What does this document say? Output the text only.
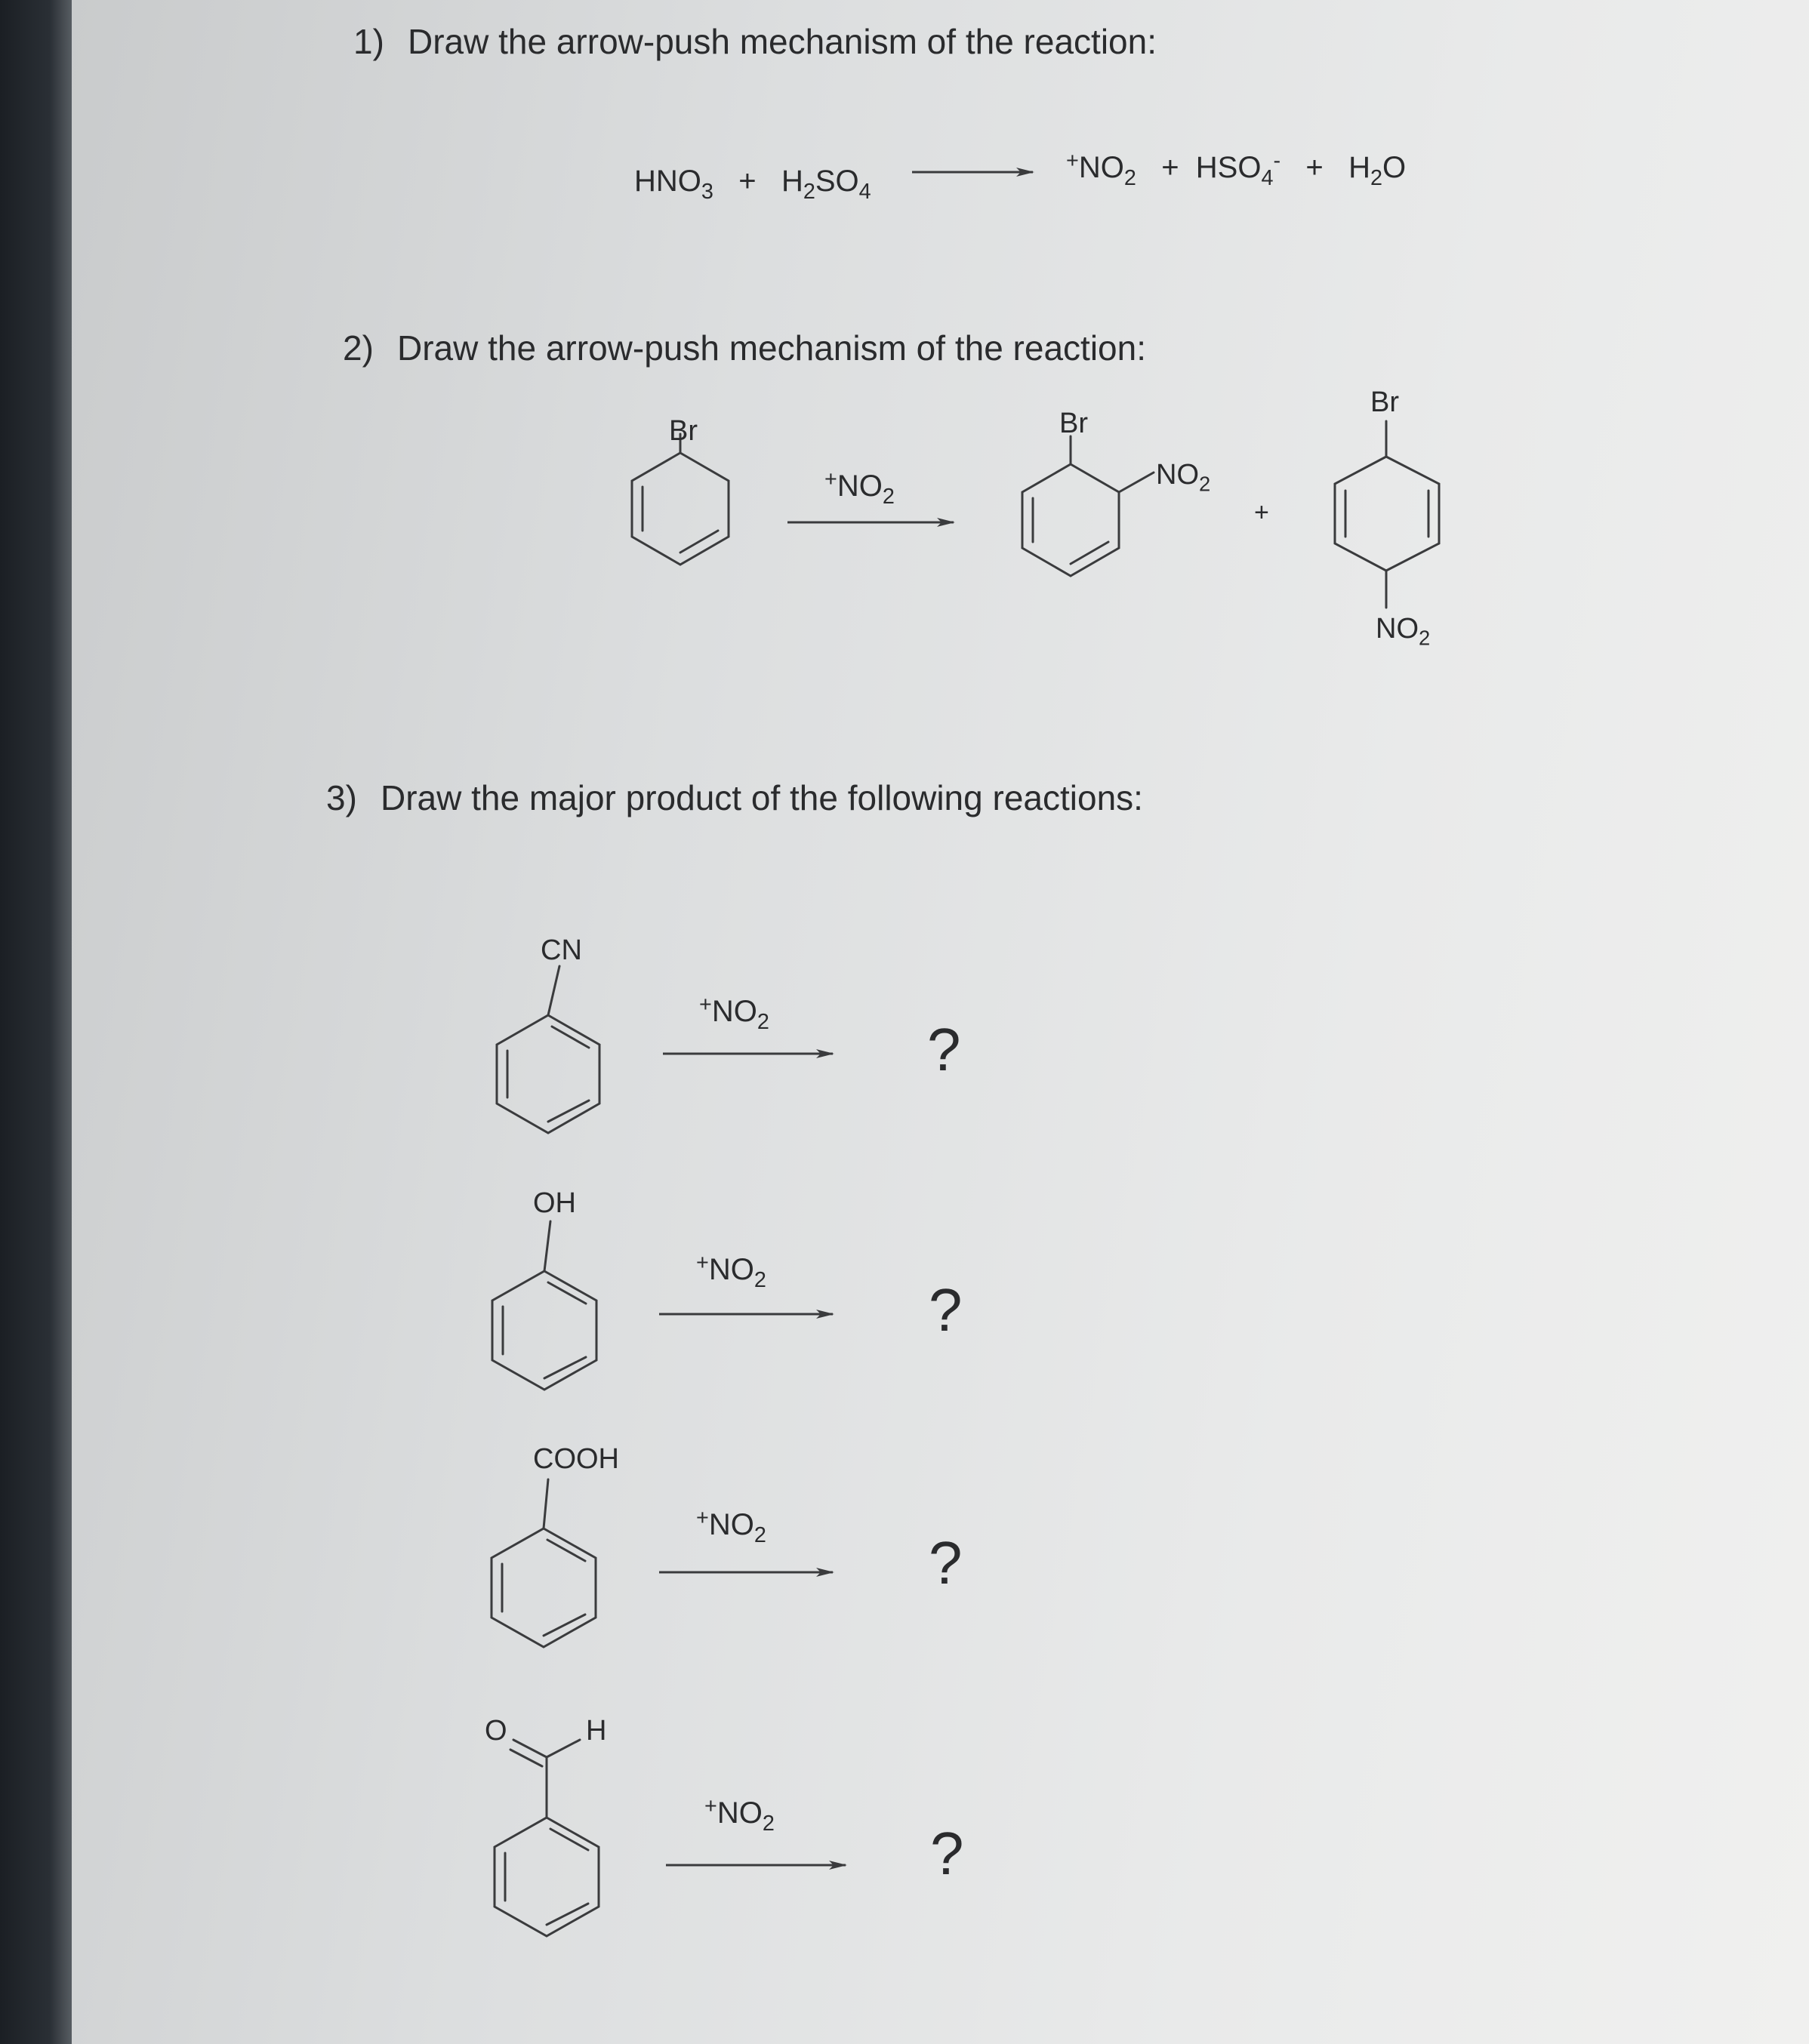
1) Draw the arrow-push mechanism of the reaction:
$HNO_3 + H_2SO_4$
$^+NO_2 + HSO_4^- + H_2O$
2) Draw the arrow-push mechanism of the reaction:
Br
$^+NO_2$
Br
$NO_2$
+
Br
$NO_2$
3) Draw the major product of the following reactions:
CN
$^+NO_2$	?
OH
$^+NO_2$	?
COOH
$^+NO_2$	?
O	H
$^+NO_2$	?
